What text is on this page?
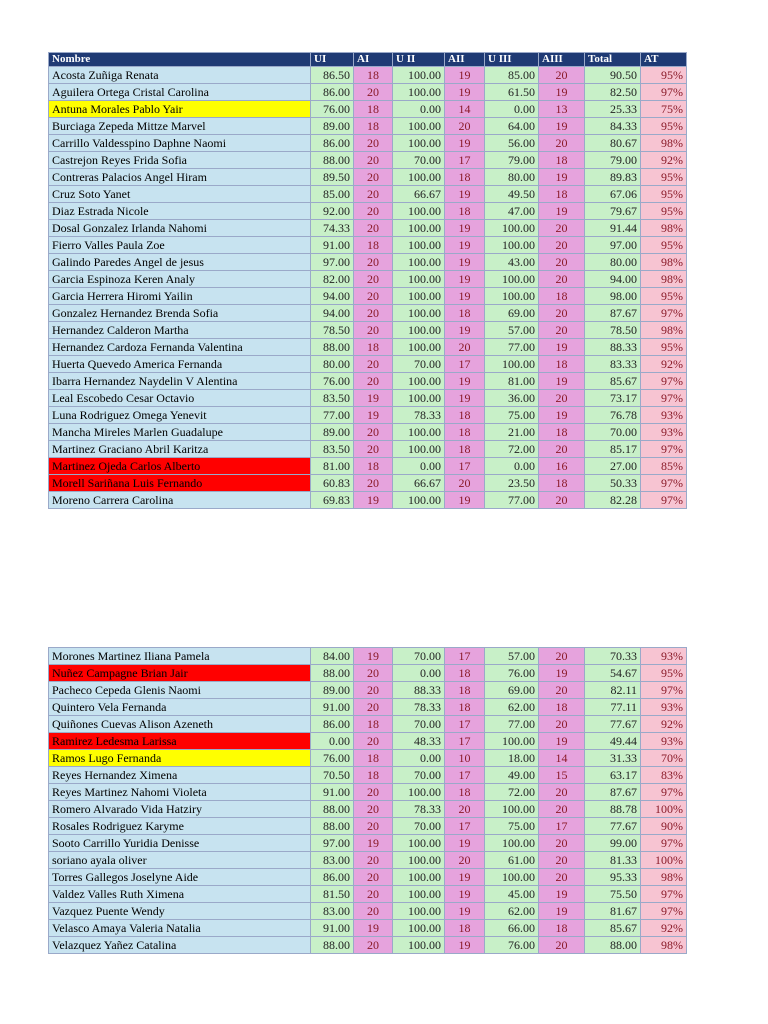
Nombre	UI	AI	U II	AII	U III	AIII	Total	AT
Acosta Zuñiga Renata	86.50	18	100.00	19	85.00	20	90.50	95%
Aguilera Ortega Cristal Carolina	86.00	20	100.00	19	61.50	19	82.50	97%
Antuna Morales Pablo Yair	76.00	18	0.00	14	0.00	13	25.33	75%
Burciaga Zepeda Mittze Marvel	89.00	18	100.00	20	64.00	19	84.33	95%
Carrillo Valdesspino Daphne Naomi	86.00	20	100.00	19	56.00	20	80.67	98%
Castrejon Reyes Frida Sofia	88.00	20	70.00	17	79.00	18	79.00	92%
Contreras Palacios Angel Hiram	89.50	20	100.00	18	80.00	19	89.83	95%
Cruz Soto Yanet	85.00	20	66.67	19	49.50	18	67.06	95%
Diaz Estrada Nicole	92.00	20	100.00	18	47.00	19	79.67	95%
Dosal Gonzalez Irlanda Nahomi	74.33	20	100.00	19	100.00	20	91.44	98%
Fierro Valles Paula Zoe	91.00	18	100.00	19	100.00	20	97.00	95%
Galindo Paredes Angel de jesus	97.00	20	100.00	19	43.00	20	80.00	98%
Garcia Espinoza Keren Analy	82.00	20	100.00	19	100.00	20	94.00	98%
Garcia Herrera Hiromi Yailin	94.00	20	100.00	19	100.00	18	98.00	95%
Gonzalez Hernandez Brenda Sofia	94.00	20	100.00	18	69.00	20	87.67	97%
Hernandez Calderon Martha	78.50	20	100.00	19	57.00	20	78.50	98%
Hernandez Cardoza Fernanda Valentina	88.00	18	100.00	20	77.00	19	88.33	95%
Huerta Quevedo America Fernanda	80.00	20	70.00	17	100.00	18	83.33	92%
Ibarra Hernandez Naydelin V Alentina	76.00	20	100.00	19	81.00	19	85.67	97%
Leal Escobedo Cesar Octavio	83.50	19	100.00	19	36.00	20	73.17	97%
Luna Rodriguez Omega Yenevit	77.00	19	78.33	18	75.00	19	76.78	93%
Mancha Mireles Marlen Guadalupe	89.00	20	100.00	18	21.00	18	70.00	93%
Martinez Graciano Abril Karitza	83.50	20	100.00	18	72.00	20	85.17	97%
Martinez Ojeda Carlos Alberto	81.00	18	0.00	17	0.00	16	27.00	85%
Morell Sariñana Luis Fernando	60.83	20	66.67	20	23.50	18	50.33	97%
Moreno Carrera Carolina	69.83	19	100.00	19	77.00	20	82.28	97%
Morones Martinez Iliana Pamela	84.00	19	70.00	17	57.00	20	70.33	93%
Nuñez Campagne Brian Jair	88.00	20	0.00	18	76.00	19	54.67	95%
Pacheco Cepeda Glenis Naomi	89.00	20	88.33	18	69.00	20	82.11	97%
Quintero Vela Fernanda	91.00	20	78.33	18	62.00	18	77.11	93%
Quiñones Cuevas Alison Azeneth	86.00	18	70.00	17	77.00	20	77.67	92%
Ramirez Ledesma Larissa	0.00	20	48.33	17	100.00	19	49.44	93%
Ramos Lugo Fernanda	76.00	18	0.00	10	18.00	14	31.33	70%
Reyes Hernandez Ximena	70.50	18	70.00	17	49.00	15	63.17	83%
Reyes Martinez Nahomi Violeta	91.00	20	100.00	18	72.00	20	87.67	97%
Romero Alvarado Vida Hatziry	88.00	20	78.33	20	100.00	20	88.78	100%
Rosales Rodriguez Karyme	88.00	20	70.00	17	75.00	17	77.67	90%
Sooto Carrillo Yuridia Denisse	97.00	19	100.00	19	100.00	20	99.00	97%
soriano ayala oliver	83.00	20	100.00	20	61.00	20	81.33	100%
Torres Gallegos Joselyne Aide	86.00	20	100.00	19	100.00	20	95.33	98%
Valdez Valles Ruth Ximena	81.50	20	100.00	19	45.00	19	75.50	97%
Vazquez Puente Wendy	83.00	20	100.00	19	62.00	19	81.67	97%
Velasco Amaya Valeria Natalia	91.00	19	100.00	18	66.00	18	85.67	92%
Velazquez Yañez Catalina	88.00	20	100.00	19	76.00	20	88.00	98%
